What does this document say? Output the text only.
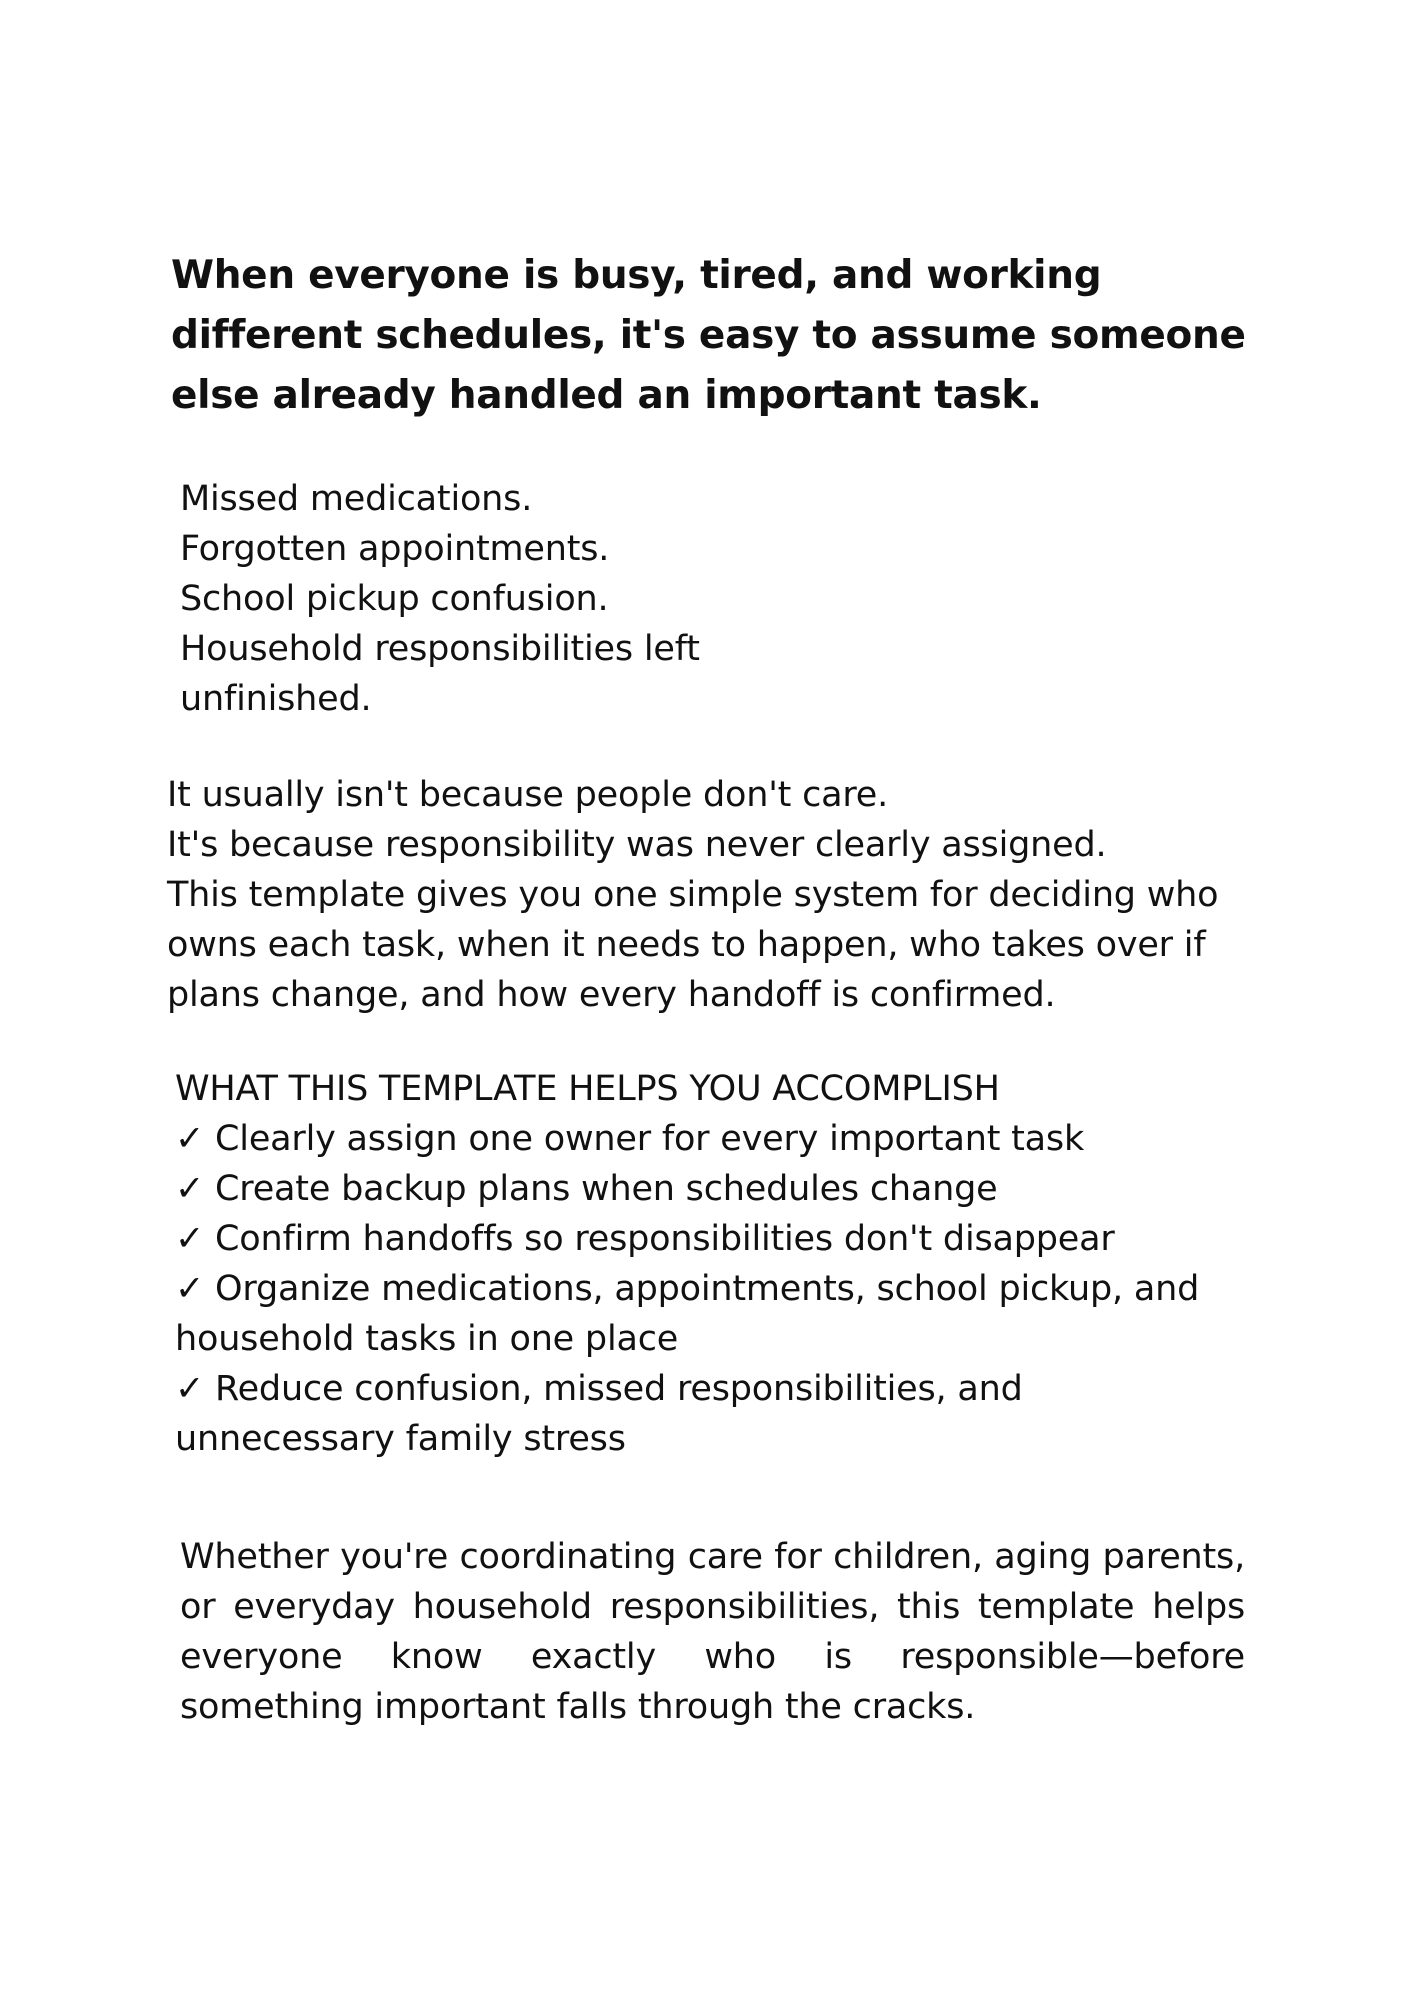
When everyone is busy, tired, and working
different schedules, it's easy to assume someone
else already handled an important task.
Missed medications.
Forgotten appointments.
School pickup confusion.
Household responsibilities left
unfinished.
It usually isn't because people don't care.
It's because responsibility was never clearly assigned.
This template gives you one simple system for deciding who
owns each task, when it needs to happen, who takes over if
plans change, and how every handoff is confirmed.
WHAT THIS TEMPLATE HELPS YOU ACCOMPLISH
✓ Clearly assign one owner for every important task
✓ Create backup plans when schedules change
✓ Confirm handoffs so responsibilities don't disappear
✓ Organize medications, appointments, school pickup, and
household tasks in one place
✓ Reduce confusion, missed responsibilities, and
unnecessary family stress

Whether you're coordinating care for children, aging parents, or everyday household responsibilities, this template helps everyone know exactly who is responsible—before something important falls through the cracks.
